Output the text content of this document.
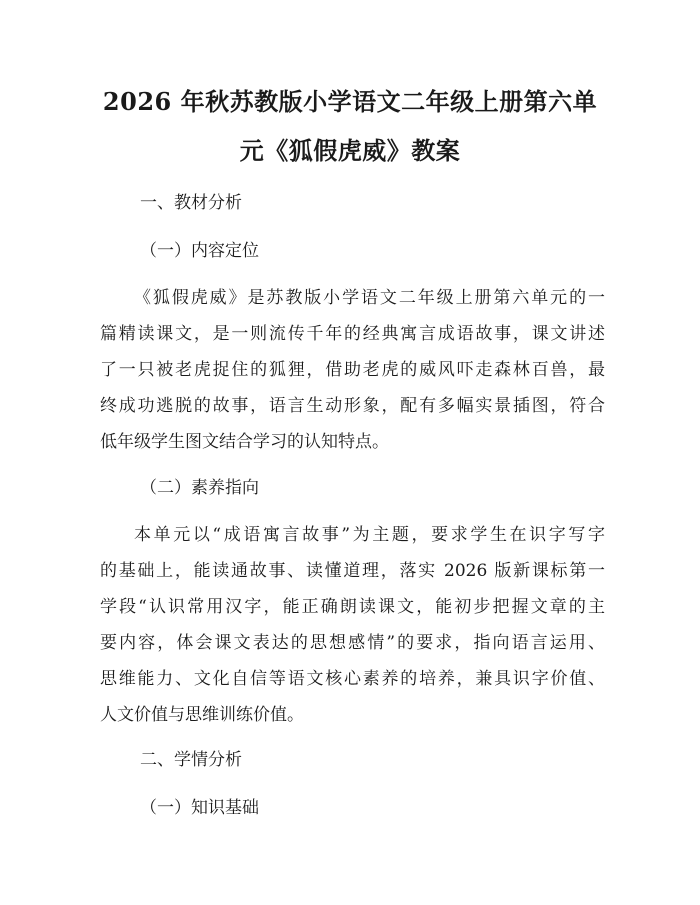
2026 年秋苏教版小学语文二年级上册第六单
元《狐假虎威》教案

一、教材分析

（一）内容定位

《狐假虎威》是苏教版小学语文二年级上册第六单元的一
篇精读课文，是一则流传千年的经典寓言成语故事，课文讲述
了一只被老虎捉住的狐狸，借助老虎的威风吓走森林百兽，最
终成功逃脱的故事，语言生动形象，配有多幅实景插图，符合
低年级学生图文结合学习的认知特点。

（二）素养指向

本单元以“成语寓言故事”为主题，要求学生在识字写字
的基础上，能读通故事、读懂道理，落实 2026 版新课标第一
学段“认识常用汉字，能正确朗读课文，能初步把握文章的主
要内容，体会课文表达的思想感情”的要求，指向语言运用、
思维能力、文化自信等语文核心素养的培养，兼具识字价值、
人文价值与思维训练价值。

二、学情分析

（一）知识基础
